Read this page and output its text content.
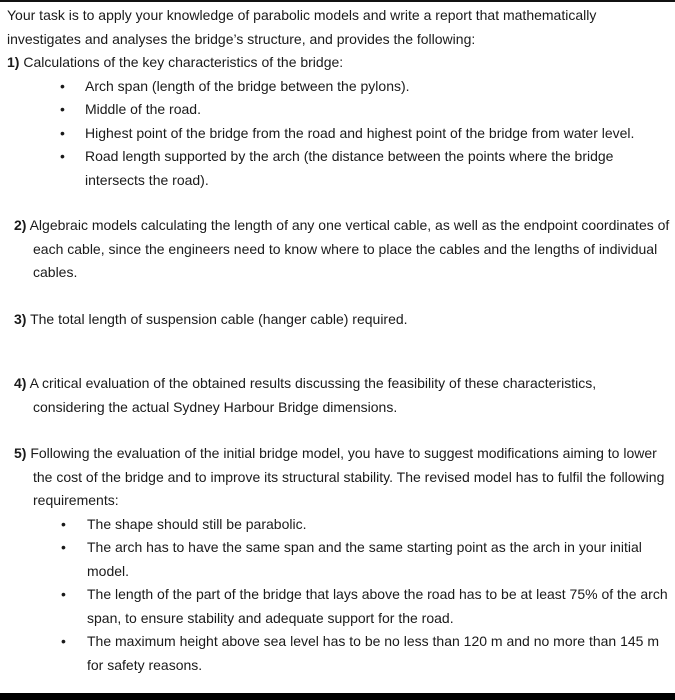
Your task is to apply your knowledge of parabolic models and write a report that mathematically investigates and analyses the bridge’s structure, and provides the following:

1) Calculations of the key characteristics of the bridge:

• Arch span (length of the bridge between the pylons).
• Middle of the road.
• Highest point of the bridge from the road and highest point of the bridge from water level.
• Road length supported by the arch (the distance between the points where the bridge intersects the road).

2) Algebraic models calculating the length of any one vertical cable, as well as the endpoint coordinates of each cable, since the engineers need to know where to place the cables and the lengths of individual cables.

3) The total length of suspension cable (hanger cable) required.

4) A critical evaluation of the obtained results discussing the feasibility of these characteristics, considering the actual Sydney Harbour Bridge dimensions.

5) Following the evaluation of the initial bridge model, you have to suggest modifications aiming to lower the cost of the bridge and to improve its structural stability. The revised model has to fulfil the following requirements:

• The shape should still be parabolic.
• The arch has to have the same span and the same starting point as the arch in your initial model.
• The length of the part of the bridge that lays above the road has to be at least 75% of the arch span, to ensure stability and adequate support for the road.
• The maximum height above sea level has to be no less than 120 m and no more than 145 m for safety reasons.
